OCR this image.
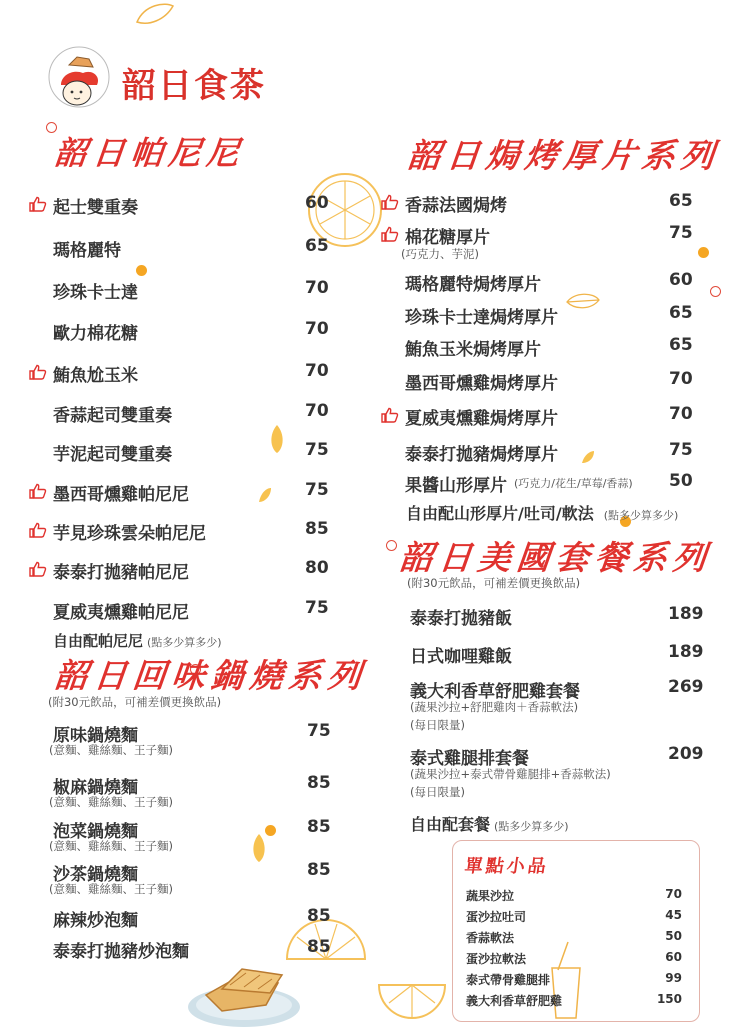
韶日食茶
韶日帕尼尼	韶日焗烤厚片系列
韶日回味鍋燒系列
(附30元飲品，可補差價更換飲品)
韶日美國套餐系列
(附30元飲品，可補差價更換飲品)
起士雙重奏	60
瑪格麗特	65
珍珠卡士達	70
歐力棉花糖	70
鮪魚尬玉米	70
香蒜起司雙重奏	70
芋泥起司雙重奏	75
墨西哥燻雞帕尼尼	75
芋見珍珠雲朵帕尼尼	85
泰泰打拋豬帕尼尼	80
夏威夷燻雞帕尼尼	75
香蒜法國焗烤	65
棉花糖厚片	75
(巧克力、芋泥)
瑪格麗特焗烤厚片	60
珍珠卡士達焗烤厚片	65
鮪魚玉米焗烤厚片	65
墨西哥燻雞焗烤厚片	70
夏威夷燻雞焗烤厚片	70
泰泰打拋豬焗烤厚片	75
果醬山形厚片 (巧克力/花生/草莓/香蒜) 50
原味鍋燒麵	75
(意麵、雞絲麵、王子麵)
椒麻鍋燒麵	85
(意麵、雞絲麵、王子麵)
泡菜鍋燒麵	85
(意麵、雞絲麵、王子麵)
沙茶鍋燒麵	85
(意麵、雞絲麵、王子麵)
麻辣炒泡麵	85
泰泰打拋豬炒泡麵	85
泰泰打拋豬飯	189
日式咖哩雞飯	189
義大利香草舒肥雞套餐	269
(蔬果沙拉+舒肥雞肉＋香蒜軟法)
(每日限量)
泰式雞腿排套餐	209
(蔬果沙拉+泰式帶骨雞腿排+香蒜軟法)
(每日限量)
自由配帕尼尼 (點多少算多少)
自由配山形厚片/吐司/軟法 (點多少算多少)
自由配套餐 (點多少算多少)
單點小品
蔬果沙拉	70
蛋沙拉吐司	45
香蒜軟法	50
蛋沙拉軟法	60
泰式帶骨雞腿排	99
義大利香草舒肥雞	150
